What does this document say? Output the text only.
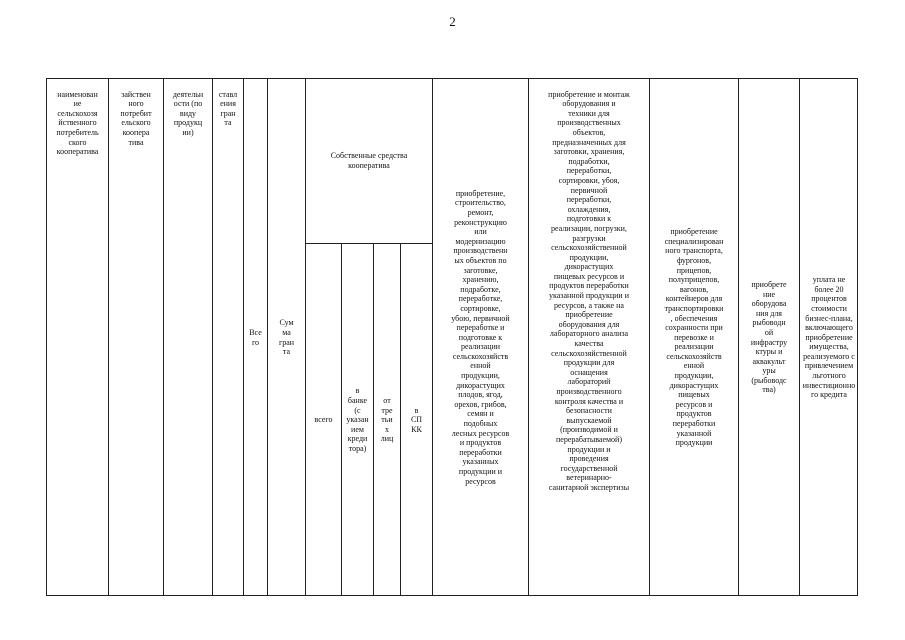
2

наименован
ие
сельскохозя
йственного
потребитель
ского
кооператива

зайствен
ного
потребит
ельского
коопера
тива

деятельн
ости (по
виду
продукц
ии)

ставл
ения
гран
та

Все
го
Сум
ма
гран
та
Собственные средства
кооператива
всего
в
банке
(с
указан
ием
креди
тора)
от
тре
тьи
х
лиц
в
СП
КК
приобретение,
строительство,
ремонт,
реконструкцию
или
модернизацию
производственн
ых объектов по
заготовке,
хранению,
подработке,
переработке,
сортировке,
убою, первичной
переработке и
подготовке к
реализации
сельскохозяйств
енной
продукции,
дикорастущих
плодов, ягод,
орехов, грибов,
семян и
подобных
лесных ресурсов
и продуктов
переработки
указанных
продукции и
ресурсов

приобретение и монтаж
оборудования и
техники для
производственных
объектов,
предназначенных для
заготовки, хранения,
подработки,
переработки,
сортировки, убоя,
первичной
переработки,
охлаждения,
подготовки к
реализации, погрузки,
разгрузки
сельскохозяйственной
продукции,
дикорастущих
пищевых ресурсов и
продуктов переработки
указанной продукции и
ресурсов, а также на
приобретение
оборудования для
лабораторного анализа
качества
сельскохозяйственной
продукции для
оснащения
лабораторий
производственного
контроля качества и
безопасности
выпускаемой
(производимой и
перерабатываемой)
продукции и
проведения
государственной
ветеринарно-
санитарной экспертизы

приобретение
специализирован
ного транспорта,
фургонов,
прицепов,
полуприцепов,
вагонов,
контейнеров для
транспортировки
, обеспечения
сохранности при
перевозке и
реализации
сельскохозяйств
енной
продукции,
дикорастущих
пищевых
ресурсов и
продуктов
переработки
указанной
продукции
приобрете
ние
оборудова
ния для
рыбоводн
ой
инфрастру
ктуры и
аквакульт
уры
(рыбоводс
тва)
уплата не
более 20
процентов
стоимости
бизнес-плана,
включающего
приобретение
имущества,
реализуемого с
привлечением
льготного
инвестиционно
го кредита
